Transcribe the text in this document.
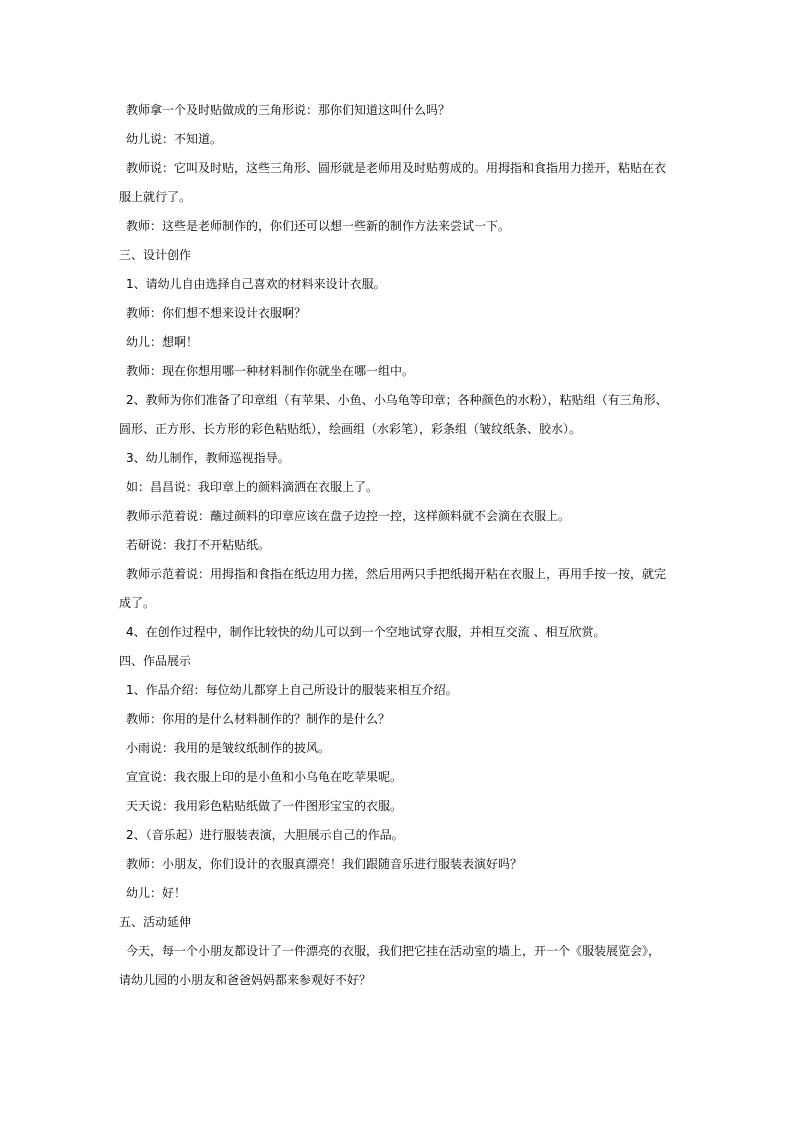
教师拿一个及时贴做成的三角形说：那你们知道这叫什么吗？

幼儿说：不知道。

教师说：它叫及时贴，这些三角形、圆形就是老师用及时贴剪成的。用拇指和食指用力搓开，粘贴在衣

服上就行了。

教师：这些是老师制作的，你们还可以想一些新的制作方法来尝试一下。

三、设计创作

1、请幼儿自由选择自己喜欢的材料来设计衣服。

教师：你们想不想来设计衣服啊？

幼儿：想啊！

教师：现在你想用哪一种材料制作你就坐在哪一组中。

2、教师为你们准备了印章组（有苹果、小鱼、小乌龟等印章；各种颜色的水粉），粘贴组（有三角形、

圆形、正方形、长方形的彩色粘贴纸），绘画组（水彩笔），彩条组（皱纹纸条、胶水）。

3、幼儿制作，教师巡视指导。

如：昌昌说：我印章上的颜料滴洒在衣服上了。

教师示范着说：蘸过颜料的印章应该在盘子边控一控，这样颜料就不会滴在衣服上。

若研说：我打不开粘贴纸。

教师示范着说：用拇指和食指在纸边用力搓，然后用两只手把纸揭开粘在衣服上，再用手按一按，就完

成了。

4、在创作过程中，制作比较快的幼儿可以到一个空地试穿衣服，并相互交流 、相互欣赏。

四、作品展示

1、作品介绍：每位幼儿都穿上自己所设计的服装来相互介绍。

教师：你用的是什么材料制作的？制作的是什么？

小雨说：我用的是皱纹纸制作的披风。

宣宣说：我衣服上印的是小鱼和小乌龟在吃苹果呢。

天天说：我用彩色粘贴纸做了一件图形宝宝的衣服。

2、（音乐起）进行服装表演，大胆展示自己的作品。

教师：小朋友，你们设计的衣服真漂亮！我们跟随音乐进行服装表演好吗？

幼儿：好！

五、活动延伸

今天，每一个小朋友都设计了一件漂亮的衣服，我们把它挂在活动室的墙上，开一个《服装展览会》，

请幼儿园的小朋友和爸爸妈妈都来参观好不好？
